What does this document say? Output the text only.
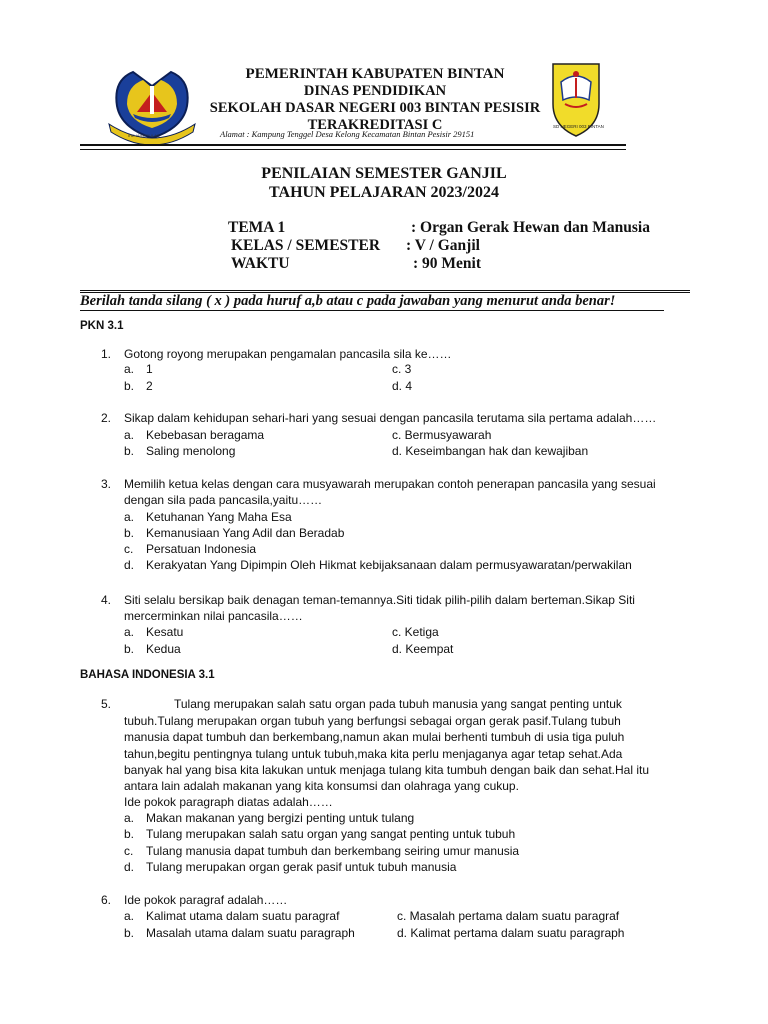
IHE IAHIPPULAN
SD NEGERI 003 BINTAN
PEMERINTAH KABUPATEN BINTAN
DINAS PENDIDIKAN
SEKOLAH DASAR NEGERI 003 BINTAN PESISIR
TERAKREDITASI C
Alamat : Kampung Tenggel Desa Kelong Kecamatan Bintan Pesisir 29151
PENILAIAN SEMESTER GANJIL
TAHUN PELAJARAN 2023/2024
TEMA 1	: Organ Gerak Hewan dan Manusia
KELAS / SEMESTER : V / Ganjil
WAKTU	: 90 Menit
Berilah tanda silang ( x ) pada huruf a,b atau c pada jawaban yang menurut anda benar!
PKN 3.1
1. Gotong royong merupakan pengamalan pancasila sila ke……
a. 1	c. 3
b. 2	d. 4
2. Sikap dalam kehidupan sehari-hari yang sesuai dengan pancasila terutama sila pertama adalah……
a. Kebebasan beragama	c. Bermusyawarah
b. Saling menolong	d. Keseimbangan hak dan kewajiban
3. Memilih ketua kelas dengan cara musyawarah merupakan contoh penerapan pancasila yang sesuai
dengan sila pada pancasila,yaitu……
a. Ketuhanan Yang Maha Esa
b. Kemanusiaan Yang Adil dan Beradab
c. Persatuan Indonesia
d. Kerakyatan Yang Dipimpin Oleh Hikmat kebijaksanaan dalam permusyawaratan/perwakilan
4. Siti selalu bersikap baik denagan teman-temannya.Siti tidak pilih-pilih dalam berteman.Sikap Siti
mercerminkan nilai pancasila……
a. Kesatu	c. Ketiga
b. Kedua	d. Keempat
BAHASA INDONESIA 3.1
5.	Tulang merupakan salah satu organ pada tubuh manusia yang sangat penting untuk
tubuh.Tulang merupakan organ tubuh yang berfungsi sebagai organ gerak pasif.Tulang tubuh
manusia dapat tumbuh dan berkembang,namun akan mulai berhenti tumbuh di usia tiga puluh
tahun,begitu pentingnya tulang untuk tubuh,maka kita perlu menjaganya agar tetap sehat.Ada
banyak hal yang bisa kita lakukan untuk menjaga tulang kita tumbuh dengan baik dan sehat.Hal itu
antara lain adalah makanan yang kita konsumsi dan olahraga yang cukup.
Ide pokok paragraph diatas adalah……
a. Makan makanan yang bergizi penting untuk tulang
b. Tulang merupakan salah satu organ yang sangat penting untuk tubuh
c. Tulang manusia dapat tumbuh dan berkembang seiring umur manusia
d. Tulang merupakan organ gerak pasif untuk tubuh manusia
6. Ide pokok paragraf adalah……
a. Kalimat utama dalam suatu paragraf	c. Masalah pertama dalam suatu paragraf
b. Masalah utama dalam suatu paragraph	d. Kalimat pertama dalam suatu paragraph
